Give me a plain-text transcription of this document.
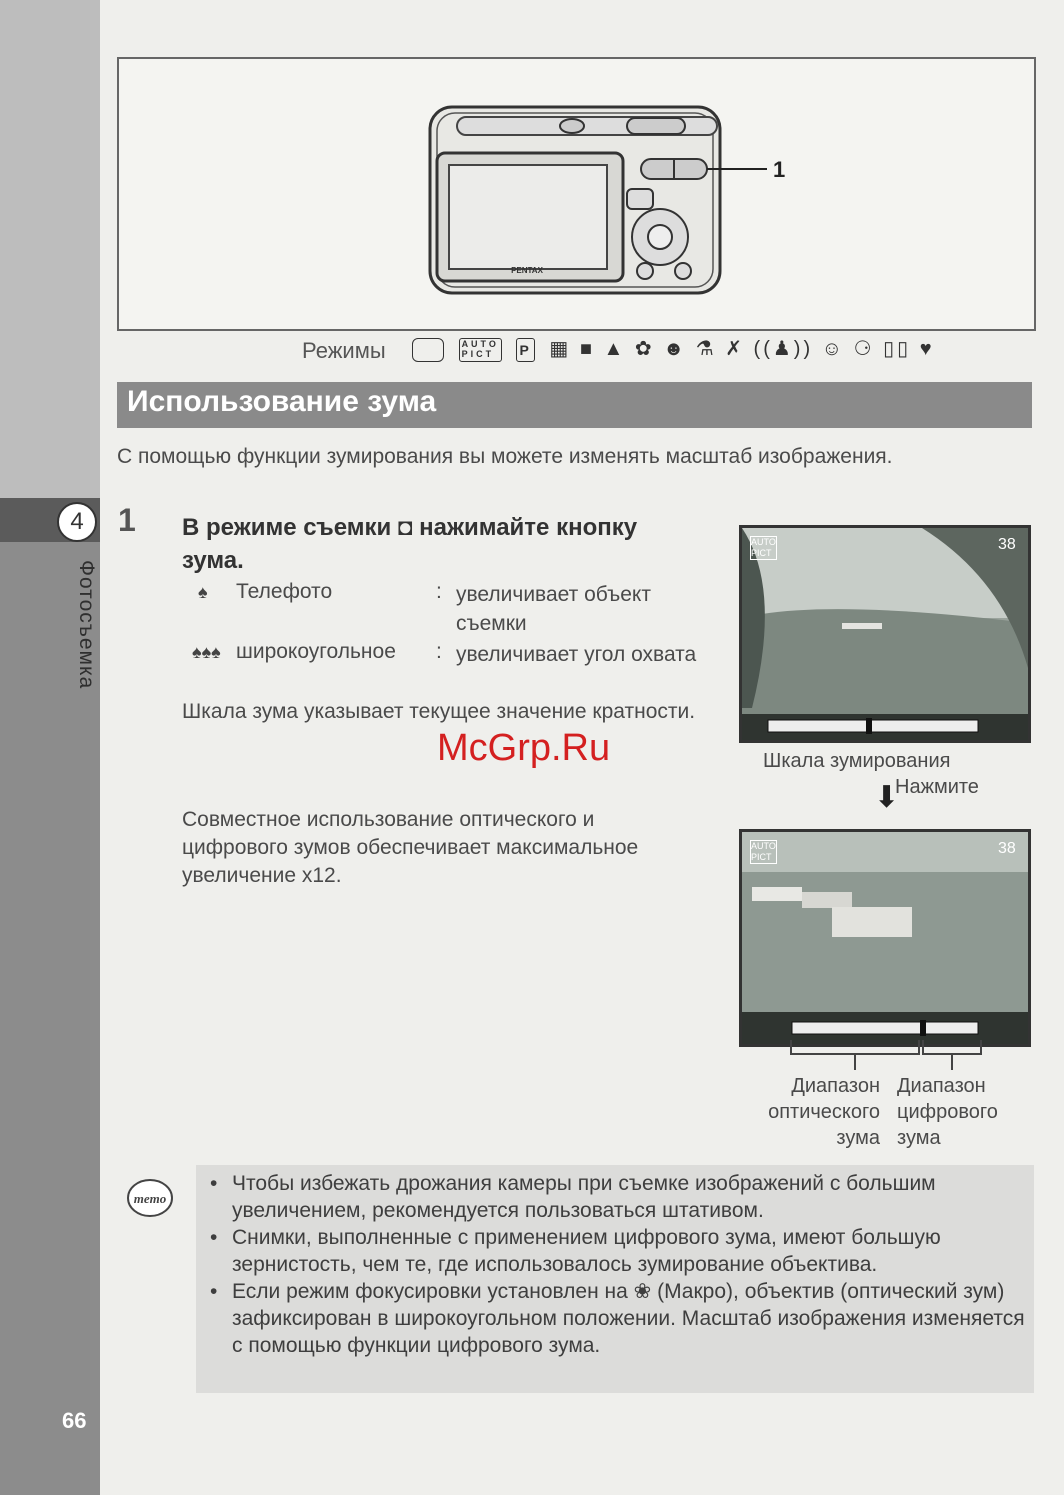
4
Фотосъемка
66
PENTAX
1
Режимы	AUTO
PICT P ▦ ■ ▲ ✿ ☻ ⚗ ✗ ((♟)) ☺ ⚆ ▯▯ ♥
Использование зума
С помощью функции зумирования вы можете изменять масштаб изображения.
1 В режиме съемки ◘ нажимайте кнопку зума.
♠ Телефото	: увеличивает объект съемки
♠♠♠ широкоугольное : увеличивает угол охвата
Шкала зума указывает текущее значение кратности.
Совместное использование оптического и цифрового зумов обеспечивает максимальное увеличение x12.
McGrp.Ru
AUTO
PICT	38
Шкала зумирования
⬇
Нажмите
AUTO
PICT	38
Диапазон оптического зума
Диапазон цифрового зума
memo
• Чтобы избежать дрожания камеры при съемке изображений с большим увеличением, рекомендуется пользоваться штативом.
• Снимки, выполненные с применением цифрового зума, имеют большую зернистость, чем те, где использовалось зумирование объектива.
• Если режим фокусировки установлен на ❀ (Макро), объектив (оптический зум) зафиксирован в широкоугольном положении. Масштаб изображения изменяется с помощью функции цифрового зума.
